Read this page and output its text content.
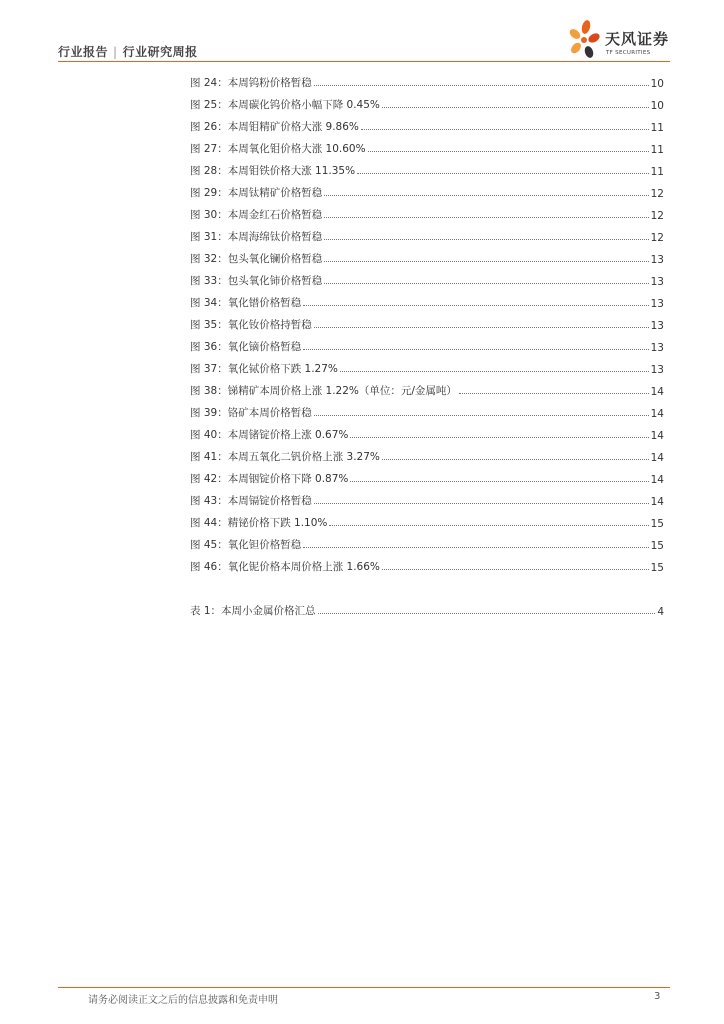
行业报告 | 行业研究周报
天风证券
TF SECURITIES
图 24：本周钨粉价格暂稳	10
图 25：本周碳化钨价格小幅下降 0.45%	10
图 26：本周钼精矿价格大涨 9.86%	11
图 27：本周氧化钼价格大涨 10.60%	11
图 28：本周钼铁价格大涨 11.35%	11
图 29：本周钛精矿价格暂稳	12
图 30：本周金红石价格暂稳	12
图 31：本周海绵钛价格暂稳	12
图 32：包头氧化镧价格暂稳	13
图 33：包头氧化铈价格暂稳	13
图 34：氧化镨价格暂稳	13
图 35：氧化钕价格持暂稳	13
图 36：氧化镝价格暂稳	13
图 37：氧化铽价格下跌 1.27%	13
图 38：锑精矿本周价格上涨 1.22%（单位：元/金属吨）	14
图 39：铬矿本周价格暂稳	14
图 40：本周锗锭价格上涨 0.67%	14
图 41：本周五氧化二钒价格上涨 3.27%	14
图 42：本周铟锭价格下降 0.87%	14
图 43：本周镉锭价格暂稳	14
图 44：精铋价格下跌 1.10%	15
图 45：氧化钽价格暂稳	15
图 46：氧化铌价格本周价格上涨 1.66%	15
表 1：本周小金属价格汇总	4
请务必阅读正文之后的信息披露和免责申明	3
